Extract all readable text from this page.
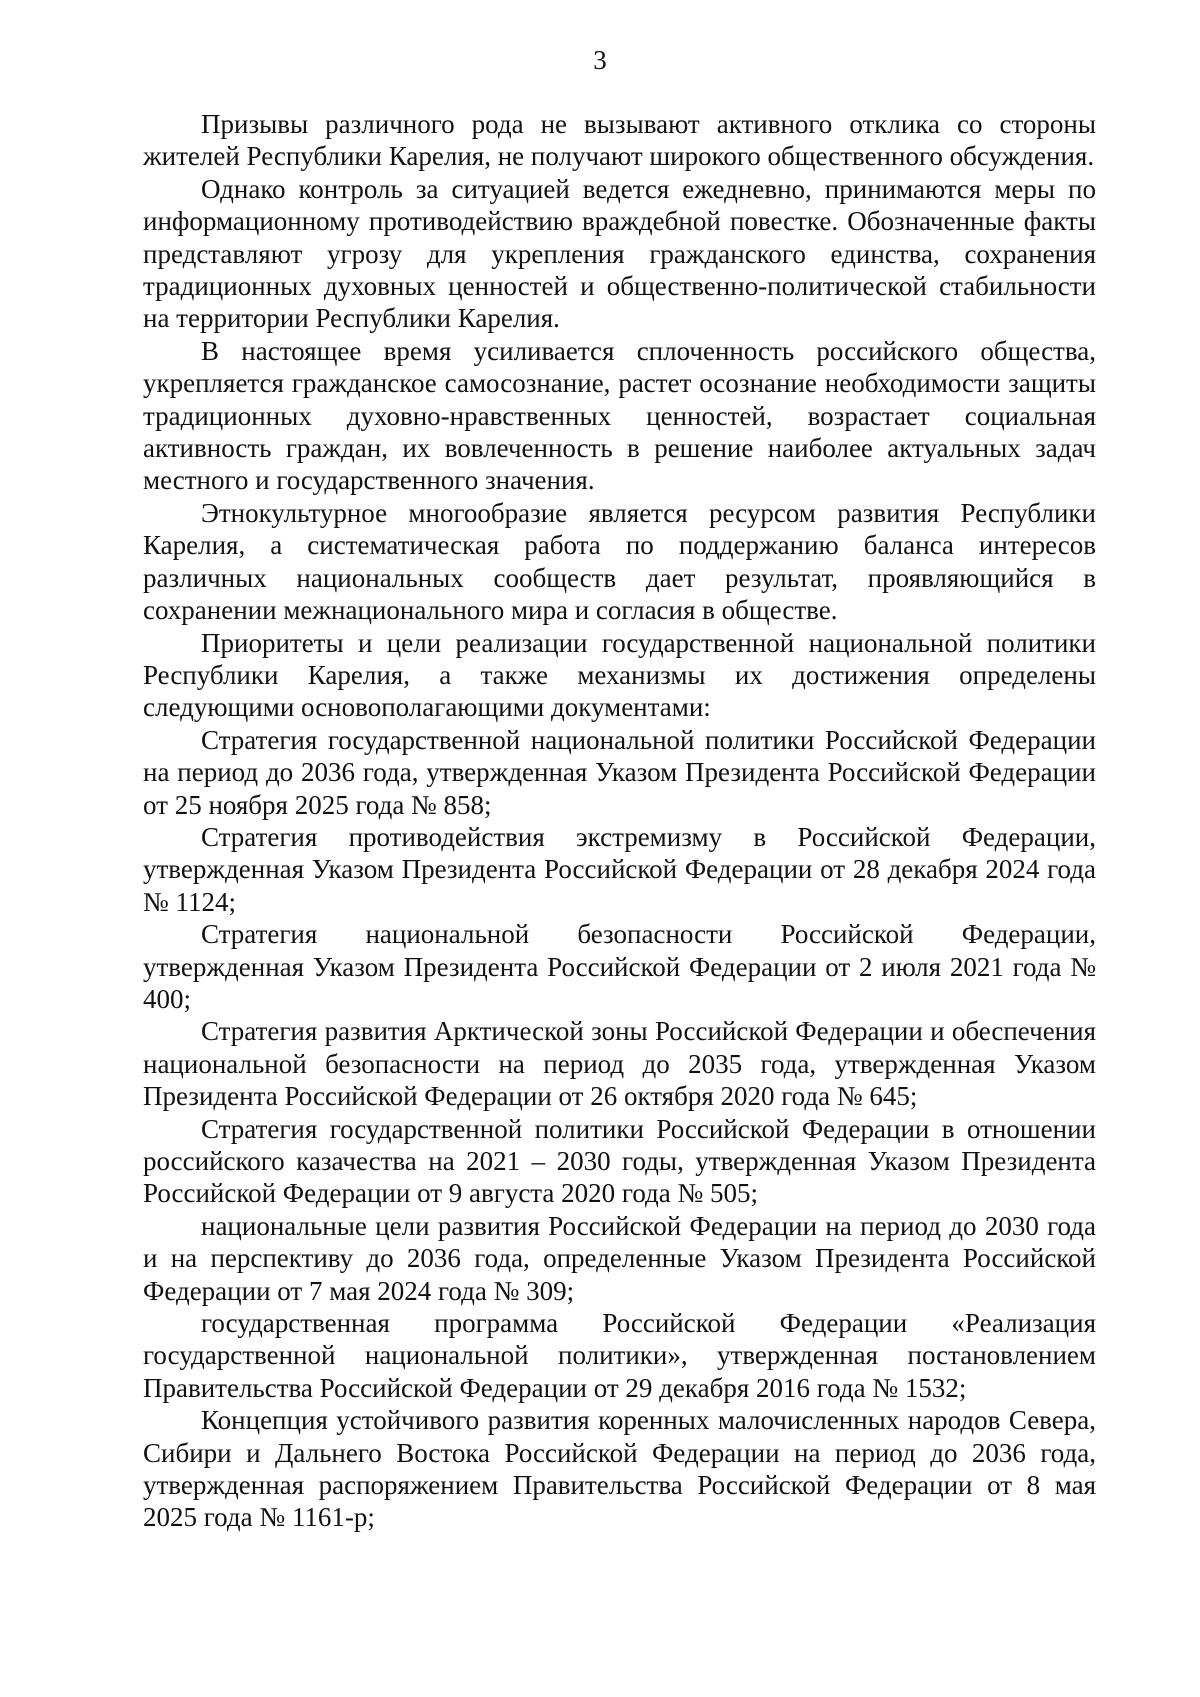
3

Призывы различного рода не вызывают активного отклика со стороны жителей Республики Карелия, не получают широкого общественного обсуждения.

Однако контроль за ситуацией ведется ежедневно, принимаются меры по информационному противодействию враждебной повестке. Обозначенные факты представляют угрозу для укрепления гражданского единства, сохранения традиционных духовных ценностей и общественно-политической стабильности на территории Республики Карелия.

В настоящее время усиливается сплоченность российского общества, укрепляется гражданское самосознание, растет осознание необходимости защиты традиционных духовно-нравственных ценностей, возрастает социальная активность граждан, их вовлеченность в решение наиболее актуальных задач местного и государственного значения.

Этнокультурное многообразие является ресурсом развития Республики Карелия, а систематическая работа по поддержанию баланса интересов различных национальных сообществ дает результат, проявляющийся в сохранении межнационального мира и согласия в обществе.

Приоритеты и цели реализации государственной национальной политики Республики Карелия, а также механизмы их достижения определены следующими основополагающими документами:

Стратегия государственной национальной политики Российской Федерации на период до 2036 года, утвержденная Указом Президента Российской Федерации от 25 ноября 2025 года № 858;

Стратегия противодействия экстремизму в Российской Федерации, утвержденная Указом Президента Российской Федерации от 28 декабря 2024 года № 1124;

Стратегия национальной безопасности Российской Федерации, утвержденная Указом Президента Российской Федерации от 2 июля 2021 года № 400;

Стратегия развития Арктической зоны Российской Федерации и обеспечения национальной безопасности на период до 2035 года, утвержденная Указом Президента Российской Федерации от 26 октября 2020 года № 645;

Стратегия государственной политики Российской Федерации в отношении российского казачества на 2021 – 2030 годы, утвержденная Указом Президента Российской Федерации от 9 августа 2020 года № 505;

национальные цели развития Российской Федерации на период до 2030 года и на перспективу до 2036 года, определенные Указом Президента Российской Федерации от 7 мая 2024 года № 309;

государственная программа Российской Федерации «Реализация государственной национальной политики», утвержденная постановлением Правительства Российской Федерации от 29 декабря 2016 года № 1532;

Концепция устойчивого развития коренных малочисленных народов Севера, Сибири и Дальнего Востока Российской Федерации на период до 2036 года, утвержденная распоряжением Правительства Российской Федерации от 8 мая 2025 года № 1161-р;
